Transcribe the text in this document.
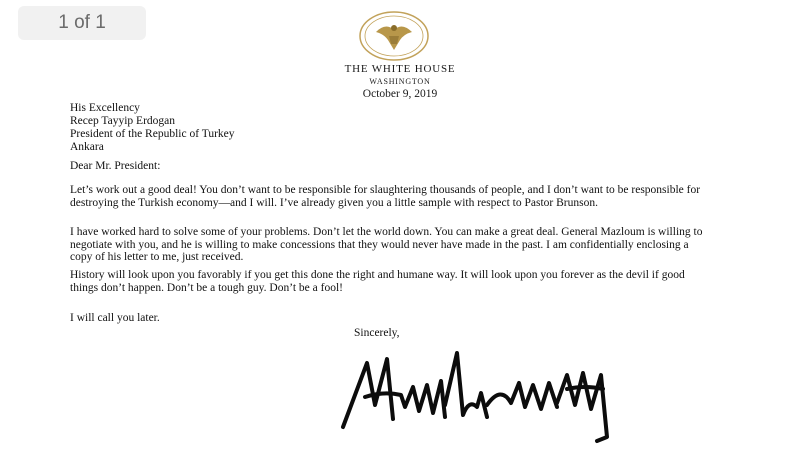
1 of 1
THE WHITE HOUSE
WASHINGTON
October 9, 2019
His Excellency
Recep Tayyip Erdogan
President of the Republic of Turkey
Ankara
Dear Mr. President:
Let’s work out a good deal! You don’t want to be responsible for slaughtering thousands of people, and I don’t want to be responsible for destroying the Turkish economy—and I will. I’ve already given you a little sample with respect to Pastor Brunson.
I have worked hard to solve some of your problems. Don’t let the world down. You can make a great deal. General Mazloum is willing to negotiate with you, and he is willing to make concessions that they would never have made in the past. I am confidentially enclosing a copy of his letter to me, just received.
History will look upon you favorably if you get this done the right and humane way. It will look upon you forever as the devil if good things don’t happen. Don’t be a tough guy. Don’t be a fool!
I will call you later.
Sincerely,
